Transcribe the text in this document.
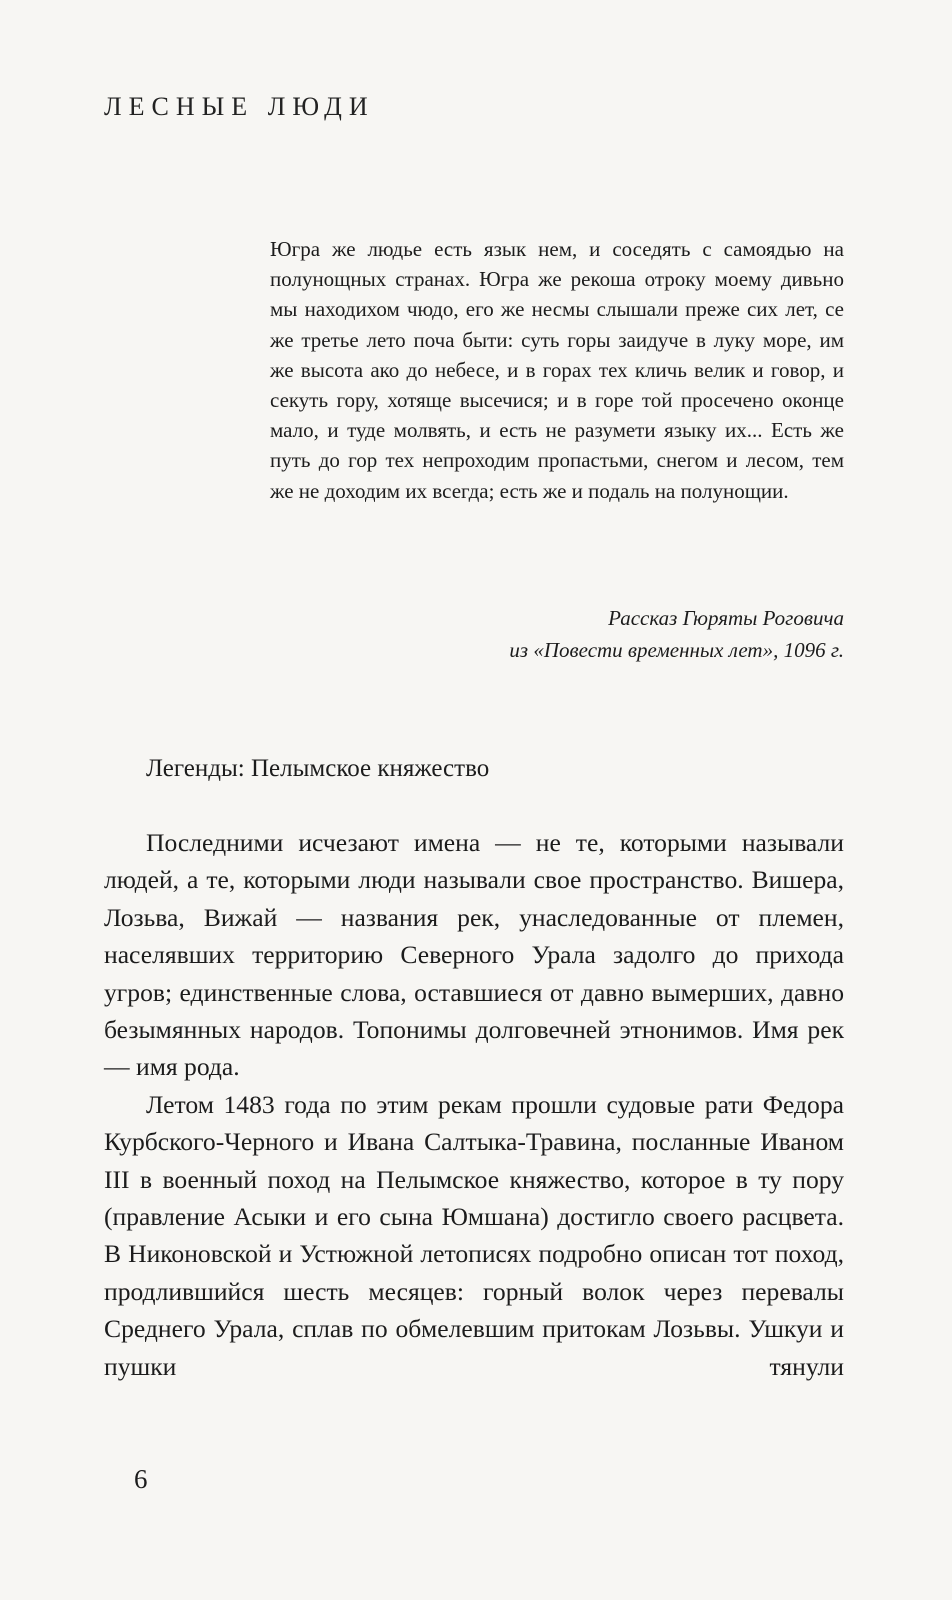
ЛЕСНЫЕ ЛЮДИ

Югра же людье есть язык нем, и соседять с самоядью на полунощных странах. Югра же рекоша отроку моему дивьно мы находихом чюдо, его же несмы слышали преже сих лет, се же третье лето поча быти: суть горы заидуче в луку море, им же высота ако до небесе, и в горах тех кличь велик и говор, и секуть гору, хотяще высечися; и в горе той просечено оконце мало, и туде молвять, и есть не разумети языку их... Есть же путь до гор тех непроходим пропастьми, снегом и лесом, тем же не доходим их всегда; есть же и подаль на полунощии.

Рассказ Гюряты Роговича
из «Повести временных лет», 1096 г.
Легенды: Пелымское княжество

Последними исчезают имена — не те, которыми называли людей, а те, которыми люди называли свое пространство. Вишера, Лозьва, Вижай — названия рек, унаследованные от племен, населявших территорию Северного Урала задолго до прихода угров; единственные слова, оставшиеся от давно вымерших, давно безымянных народов. Топонимы долговечней этнонимов. Имя рек — имя рода.

Летом 1483 года по этим рекам прошли судовые рати Федора Курбского-Черного и Ивана Салтыка-Травина, посланные Иваном III в военный поход на Пелымское княжество, которое в ту пору (правление Асыки и его сына Юмшана) достигло своего расцвета. В Никоновской и Устюжной летописях подробно описан тот поход, продлившийся шесть месяцев: горный волок через перевалы Среднего Урала, сплав по обмелевшим притокам Лозьвы. Ушкуи и пушки тянули

6
